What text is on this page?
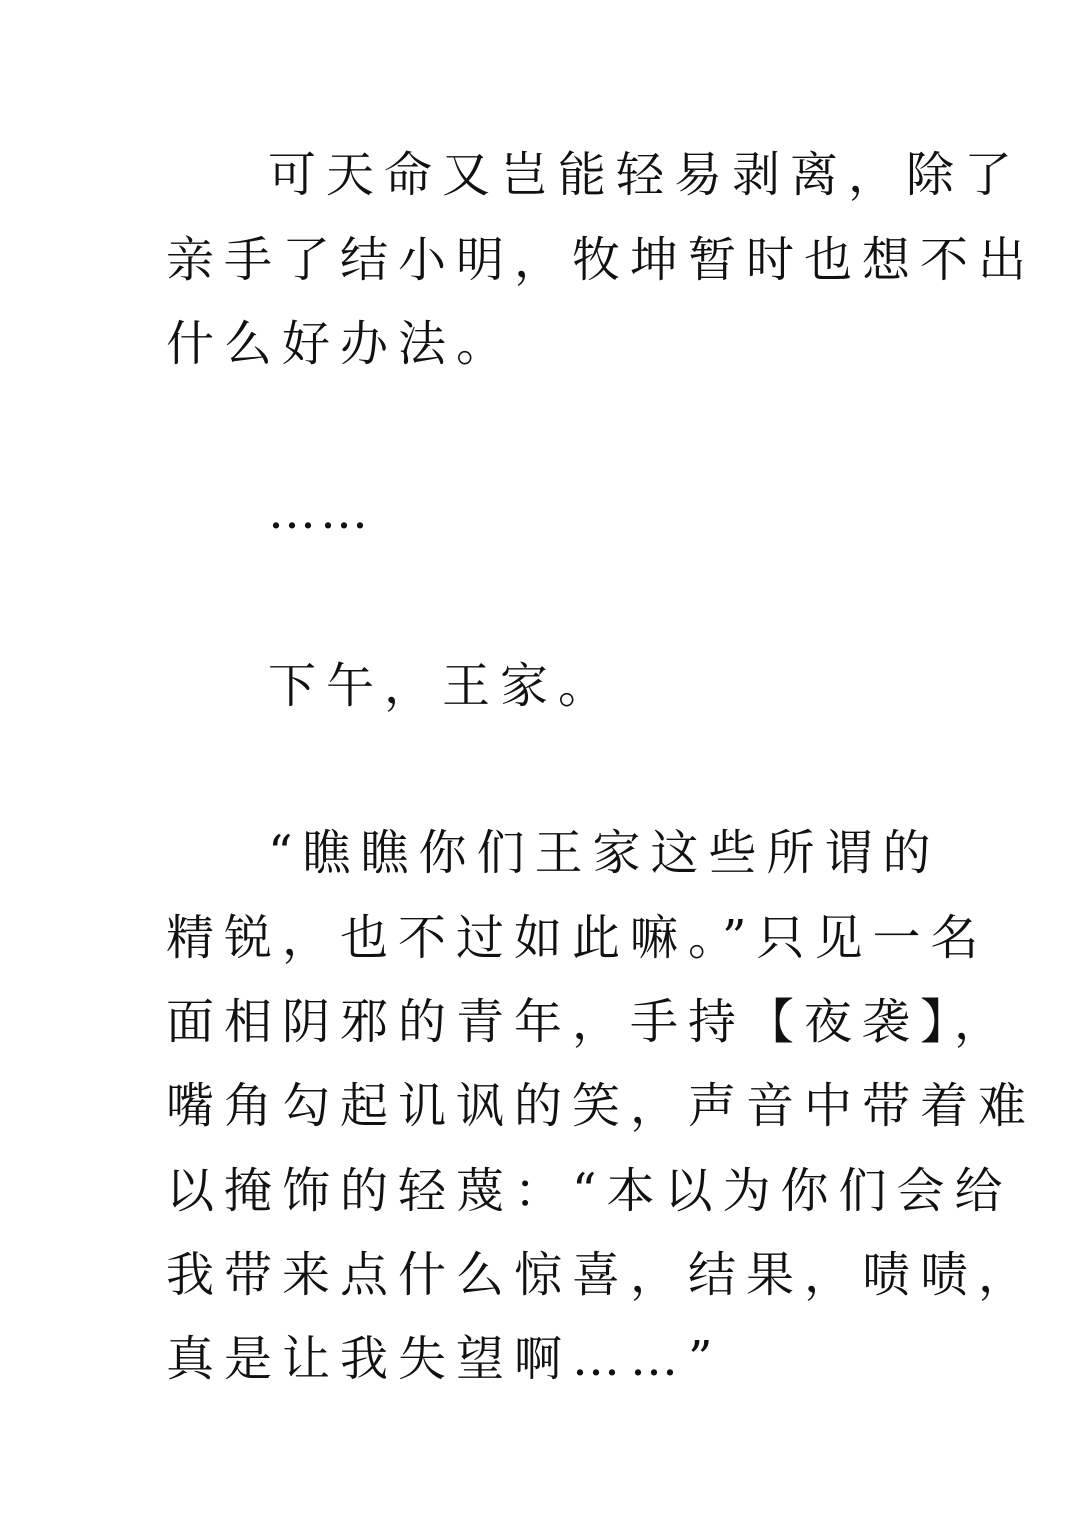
可天命又岂能轻易剥离，除了
亲手了结小明，牧坤暂时也想不出
什么好办法。
……
下午，王家。
“瞧瞧你们王家这些所谓的
精锐，也不过如此嘛。”只见一名
面相阴邪的青年，手持【夜袭】，
嘴角勾起讥讽的笑，声音中带着难
以掩饰的轻蔑：“本以为你们会给
我带来点什么惊喜，结果，啧啧，
真是让我失望啊……”
